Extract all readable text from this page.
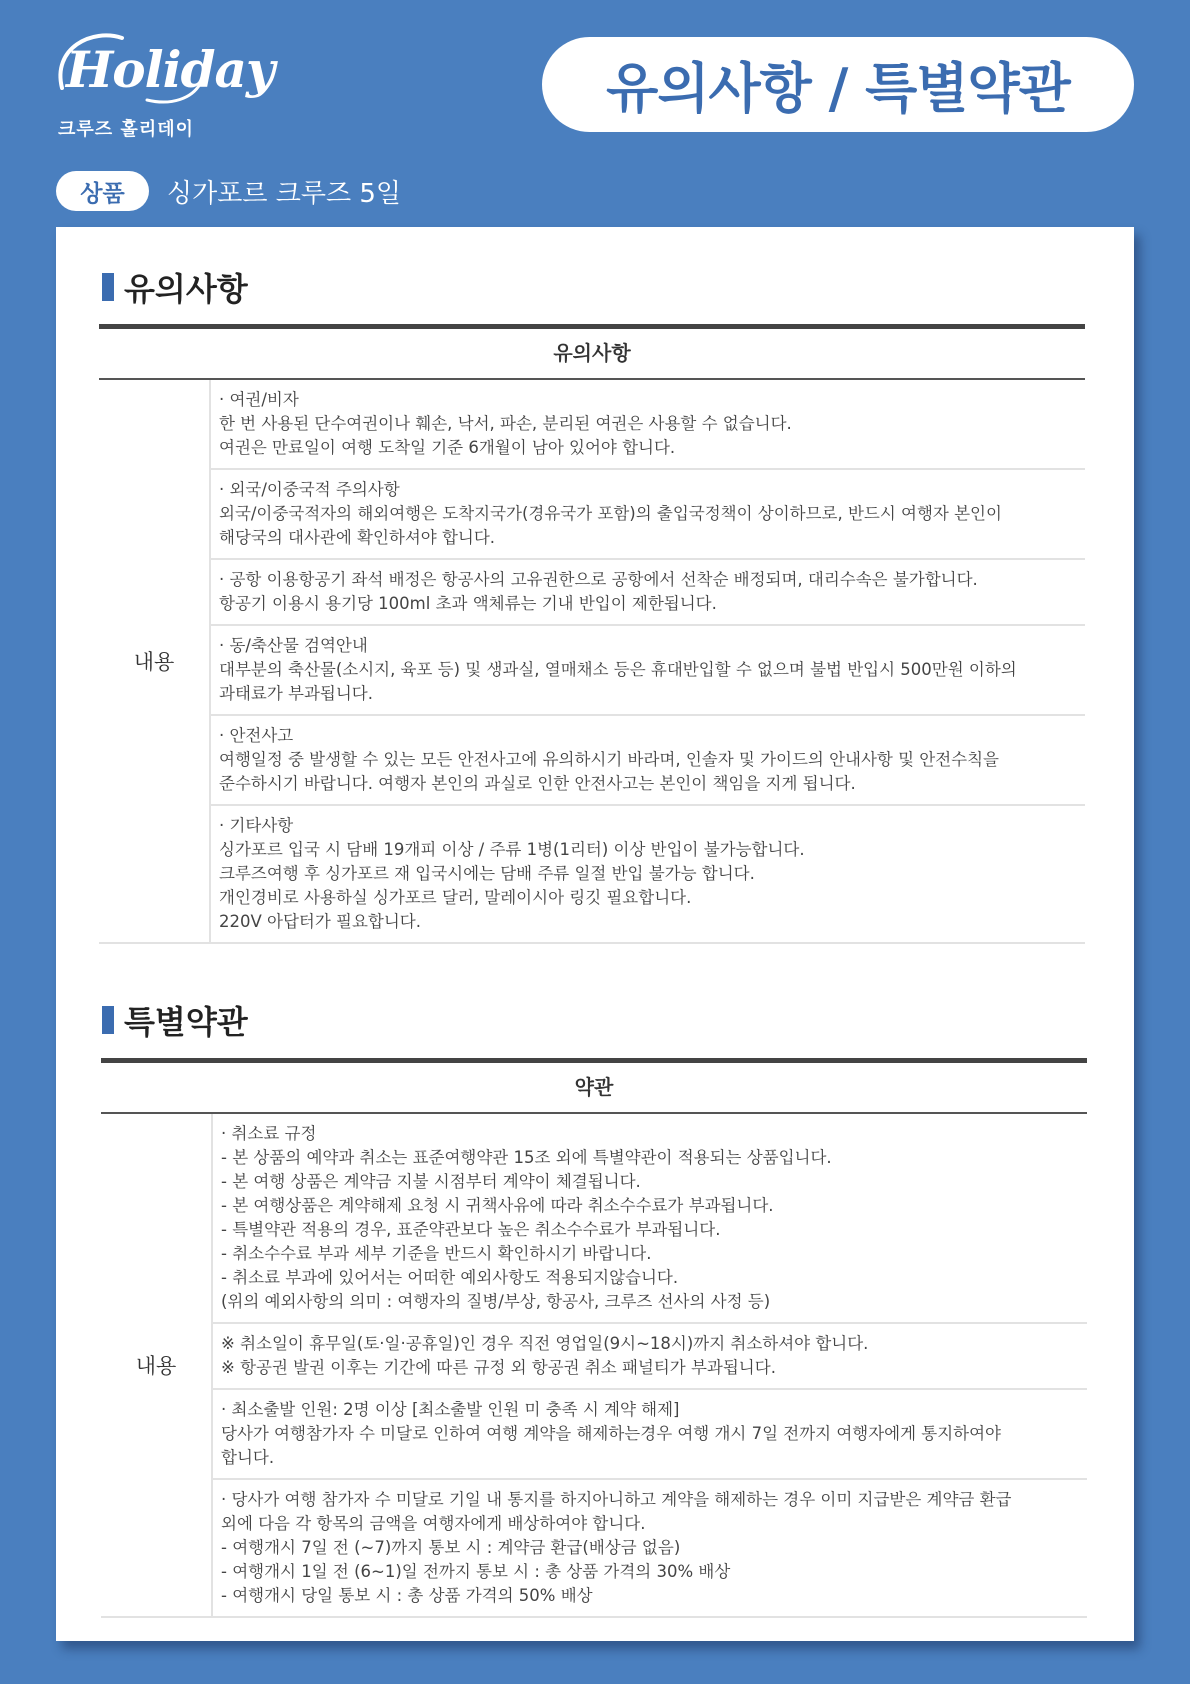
Holiday
크루즈 홀리데이
유의사항 / 특별약관
상품	싱가포르 크루즈 5일
유의사항
유의사항
내용
· 여권/비자
한 번 사용된 단수여권이나 훼손, 낙서, 파손, 분리된 여권은 사용할 수 없습니다.
여권은 만료일이 여행 도착일 기준 6개월이 남아 있어야 합니다.
· 외국/이중국적 주의사항
외국/이중국적자의 해외여행은 도착지국가(경유국가 포함)의 출입국정책이 상이하므로, 반드시 여행자 본인이
해당국의 대사관에 확인하셔야 합니다.
· 공항 이용항공기 좌석 배정은 항공사의 고유권한으로 공항에서 선착순 배정되며, 대리수속은 불가합니다.
항공기 이용시 용기당 100ml 초과 액체류는 기내 반입이 제한됩니다.
· 동/축산물 검역안내
대부분의 축산물(소시지, 육포 등) 및 생과실, 열매채소 등은 휴대반입할 수 없으며 불법 반입시 500만원 이하의
과태료가 부과됩니다.
· 안전사고
여행일정 중 발생할 수 있는 모든 안전사고에 유의하시기 바라며, 인솔자 및 가이드의 안내사항 및 안전수칙을
준수하시기 바랍니다. 여행자 본인의 과실로 인한 안전사고는 본인이 책임을 지게 됩니다.
· 기타사항
싱가포르 입국 시 담배 19개피 이상 / 주류 1병(1리터) 이상 반입이 불가능합니다.
크루즈여행 후 싱가포르 재 입국시에는 담배 주류 일절 반입 불가능 합니다.
개인경비로 사용하실 싱가포르 달러, 말레이시아 링깃 필요합니다.
220V 아답터가 필요합니다.
특별약관
약관
내용
· 취소료 규정
- 본 상품의 예약과 취소는 표준여행약관 15조 외에 특별약관이 적용되는 상품입니다.
- 본 여행 상품은 계약금 지불 시점부터 계약이 체결됩니다.
- 본 여행상품은 계약해제 요청 시 귀책사유에 따라 취소수수료가 부과됩니다.
- 특별약관 적용의 경우, 표준약관보다 높은 취소수수료가 부과됩니다.
- 취소수수료 부과 세부 기준을 반드시 확인하시기 바랍니다.
- 취소료 부과에 있어서는 어떠한 예외사항도 적용되지않습니다.
(위의 예외사항의 의미 : 여행자의 질병/부상, 항공사, 크루즈 선사의 사정 등)
※ 취소일이 휴무일(토·일·공휴일)인 경우 직전 영업일(9시~18시)까지 취소하셔야 합니다.
※ 항공권 발권 이후는 기간에 따른 규정 외 항공권 취소 패널티가 부과됩니다.
· 최소출발 인원: 2명 이상 [최소출발 인원 미 충족 시 계약 해제]
당사가 여행참가자 수 미달로 인하여 여행 계약을 해제하는경우 여행 개시 7일 전까지 여행자에게 통지하여야
합니다.
· 당사가 여행 참가자 수 미달로 기일 내 통지를 하지아니하고 계약을 해제하는 경우 이미 지급받은 계약금 환급
외에 다음 각 항목의 금액을 여행자에게 배상하여야 합니다.
- 여행개시 7일 전 (~7)까지 통보 시 : 계약금 환급(배상금 없음)
- 여행개시 1일 전 (6~1)일 전까지 통보 시 : 총 상품 가격의 30% 배상
- 여행개시 당일 통보 시 : 총 상품 가격의 50% 배상
